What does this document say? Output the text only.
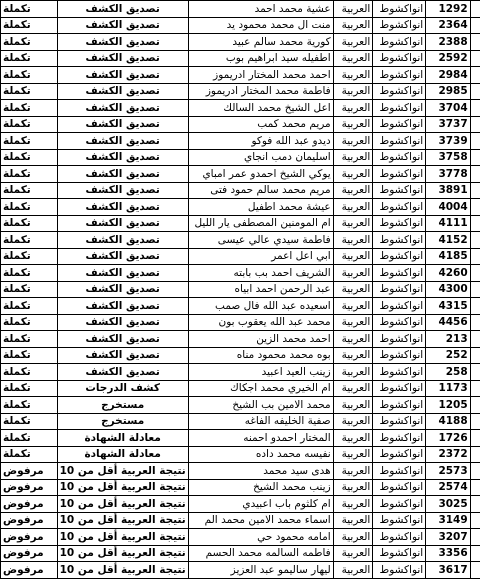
تكملة	تصديق الكشف	عشية محمد احمد	العربية	انواكشوط	1292	
تكملة	تصديق الكشف	منت ال محمد محمود يد	العربية	انواكشوط	2364	
تكملة	تصديق الكشف	كورية محمد سالم عبيد	العربية	انواكشوط	2388	
تكملة	تصديق الكشف	اطفيله سيد ابراهيم بوب	العربية	انواكشوط	2592	
تكملة	تصديق الكشف	احمد محمد المختار ادريموز	العربية	انواكشوط	2984	
تكملة	تصديق الكشف	فاطمة محمد المختار ادريموز	العربية	انواكشوط	2985	
تكملة	تصديق الكشف	اعل الشيخ محمد السالك	العربية	انواكشوط	3704	
تكملة	تصديق الكشف	مريم محمد كمب	العربية	انواكشوط	3737	
تكملة	تصديق الكشف	ديدو عبد الله فوكو	العربية	انواكشوط	3739	
تكملة	تصديق الكشف	اسليمان دمب انجاي	العربية	انواكشوط	3758	
تكملة	تصديق الكشف	يوكي الشيخ احمدو عمر امباي	العربية	انواكشوط	3778	
تكملة	تصديق الكشف	مريم محمد سالم حمود فتى	العربية	انواكشوط	3891	
تكملة	تصديق الكشف	عيشة محمد اطفيل	العربية	انواكشوط	4004	
تكملة	تصديق الكشف	ام المومنين المصطفى يار الليل	العربية	انواكشوط	4111	
تكملة	تصديق الكشف	فاطمة سيدي عالي عيسى	العربية	انواكشوط	4152	
تكملة	تصديق الكشف	ابي اعل اعمر	العربية	انواكشوط	4185	
تكملة	تصديق الكشف	الشريف احمد بب بابته	العربية	انواكشوط	4260	
تكملة	تصديق الكشف	عبد الرحمن احمد ابياه	العربية	انواكشوط	4300	
تكملة	تصديق الكشف	اسعيده عبد الله فال صمب	العربية	انواكشوط	4315	
تكملة	تصديق الكشف	محمد عبد الله يعقوب بون	العربية	انواكشوط	4456	
تكملة	تصديق الكشف	احمد محمد الزين	العربية	انواكشوط	213	
تكملة	تصديق الكشف	بوه محمد محمود مناه	العربية	انواكشوط	252	
تكملة	تصديق الكشف	زينب العيد اعبيد	العربية	انواكشوط	258	
تكملة	كشف الدرجات	ام الخيري محمد اجكاك	العربية	انواكشوط	1173	
تكملة	مستخرج	محمد الامين بب الشيخ	العربية	انواكشوط	1205	
تكملة	مستخرج	صفية الخليفه الفاغه	العربية	انواكشوط	4188	
تكملة	معادلة الشهادة	المختار احمدو احمنه	العربية	انواكشوط	1726	
تكملة	معادلة الشهادة	نفيسه محمد داده	العربية	انواكشوط	2372	
مرفوض	نتيجة العربية أقل من 10	هدى سيد محمد	العربية	انواكشوط	2573	
مرفوض	نتيجة العربية أقل من 10	زينب محمد الشيخ	العربية	انواكشوط	2574	
مرفوض	نتيجة العربية أقل من 10	ام كلثوم باب اعبيدي	العربية	انواكشوط	3025	
مرفوض	نتيجة العربية أقل من 10	اسماء محمد الامين محمد الم	العربية	انواكشوط	3149	
مرفوض	نتيجة العربية أقل من 10	امامه محمود حي	العربية	انواكشوط	3207	
مرفوض	نتيجة العربية أقل من 10	فاطمه السالمه محمد الحسم	العربية	انواكشوط	3356	
مرفوض	نتيجة العربية أقل من 10	ليهار ساليمو عبد العزيز	العربية	انواكشوط	3617	
